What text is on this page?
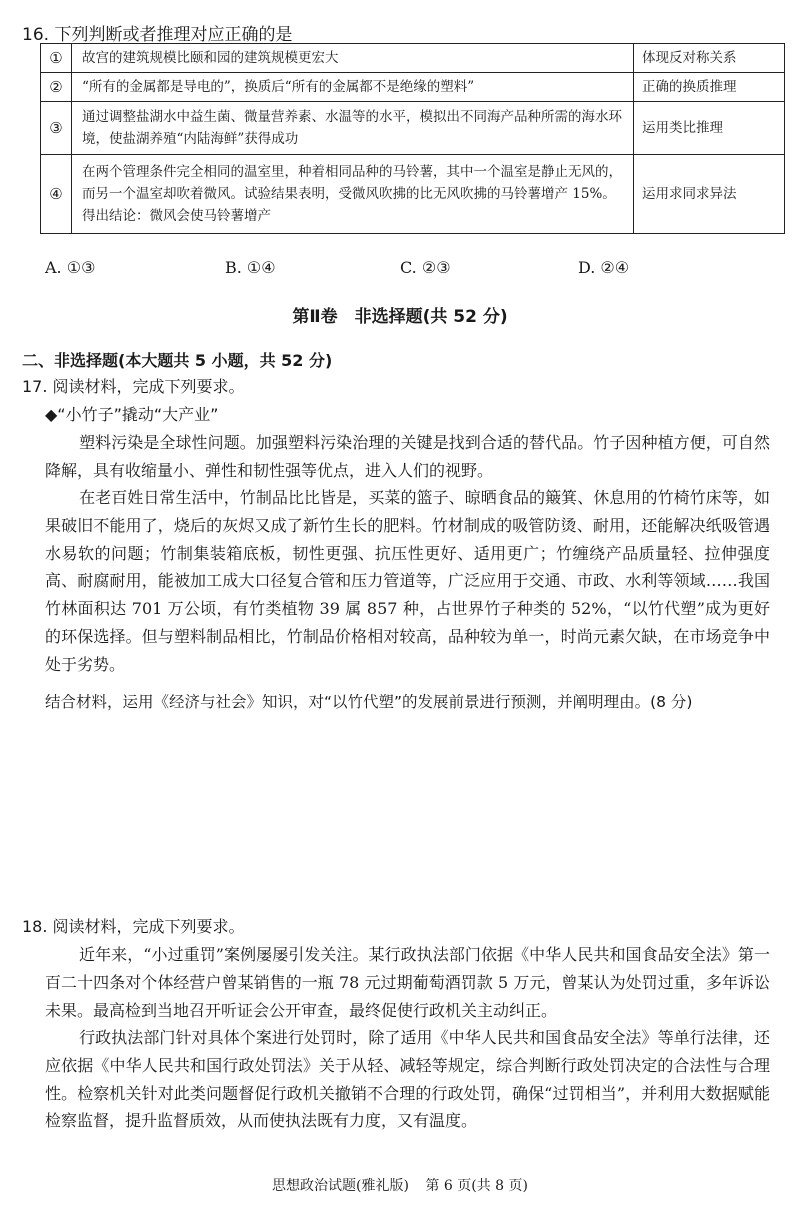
16. 下列判断或者推理对应正确的是
①	故宫的建筑规模比颐和园的建筑规模更宏大	体现反对称关系
②	“所有的金属都是导电的”，换质后“所有的金属都不是绝缘的塑料”	正确的换质推理
③	通过调整盐湖水中益生菌、微量营养素、水温等的水平，模拟出不同海产品种所需的海水环境，使盐湖养殖“内陆海鲜”获得成功	运用类比推理
④	在两个管理条件完全相同的温室里，种着相同品种的马铃薯，其中一个温室是静止无风的，而另一个温室却吹着微风。试验结果表明，受微风吹拂的比无风吹拂的马铃薯增产 15%。得出结论：微风会使马铃薯增产	运用求同求异法
A. ①③	B. ①④	C. ②③	D. ②④
第Ⅱ卷　非选择题(共 52 分)
二、非选择题(本大题共 5 小题，共 52 分)
17. 阅读材料，完成下列要求。
◆“小竹子”撬动“大产业”
塑料污染是全球性问题。加强塑料污染治理的关键是找到合适的替代品。竹子因种植方便，可自然降解，具有收缩量小、弹性和韧性强等优点，进入人们的视野。
在老百姓日常生活中，竹制品比比皆是，买菜的篮子、晾晒食品的簸箕、休息用的竹椅竹床等，如果破旧不能用了，烧后的灰烬又成了新竹生长的肥料。竹材制成的吸管防烫、耐用，还能解决纸吸管遇水易软的问题；竹制集装箱底板，韧性更强、抗压性更好、适用更广；竹缠绕产品质量轻、拉伸强度高、耐腐耐用，能被加工成大口径复合管和压力管道等，广泛应用于交通、市政、水利等领域……我国竹林面积达 701 万公顷，有竹类植物 39 属 857 种，占世界竹子种类的 52%，“以竹代塑”成为更好的环保选择。但与塑料制品相比，竹制品价格相对较高，品种较为单一，时尚元素欠缺，在市场竞争中处于劣势。
结合材料，运用《经济与社会》知识，对“以竹代塑”的发展前景进行预测，并阐明理由。(8 分)
18. 阅读材料，完成下列要求。
近年来，“小过重罚”案例屡屡引发关注。某行政执法部门依据《中华人民共和国食品安全法》第一百二十四条对个体经营户曾某销售的一瓶 78 元过期葡萄酒罚款 5 万元，曾某认为处罚过重，多年诉讼未果。最高检到当地召开听证会公开审查，最终促使行政机关主动纠正。
行政执法部门针对具体个案进行处罚时，除了适用《中华人民共和国食品安全法》等单行法律，还应依据《中华人民共和国行政处罚法》关于从轻、减轻等规定，综合判断行政处罚决定的合法性与合理性。检察机关针对此类问题督促行政机关撤销不合理的行政处罚，确保“过罚相当”，并利用大数据赋能检察监督，提升监督质效，从而使执法既有力度，又有温度。
思想政治试题(雅礼版) 第 6 页(共 8 页)
